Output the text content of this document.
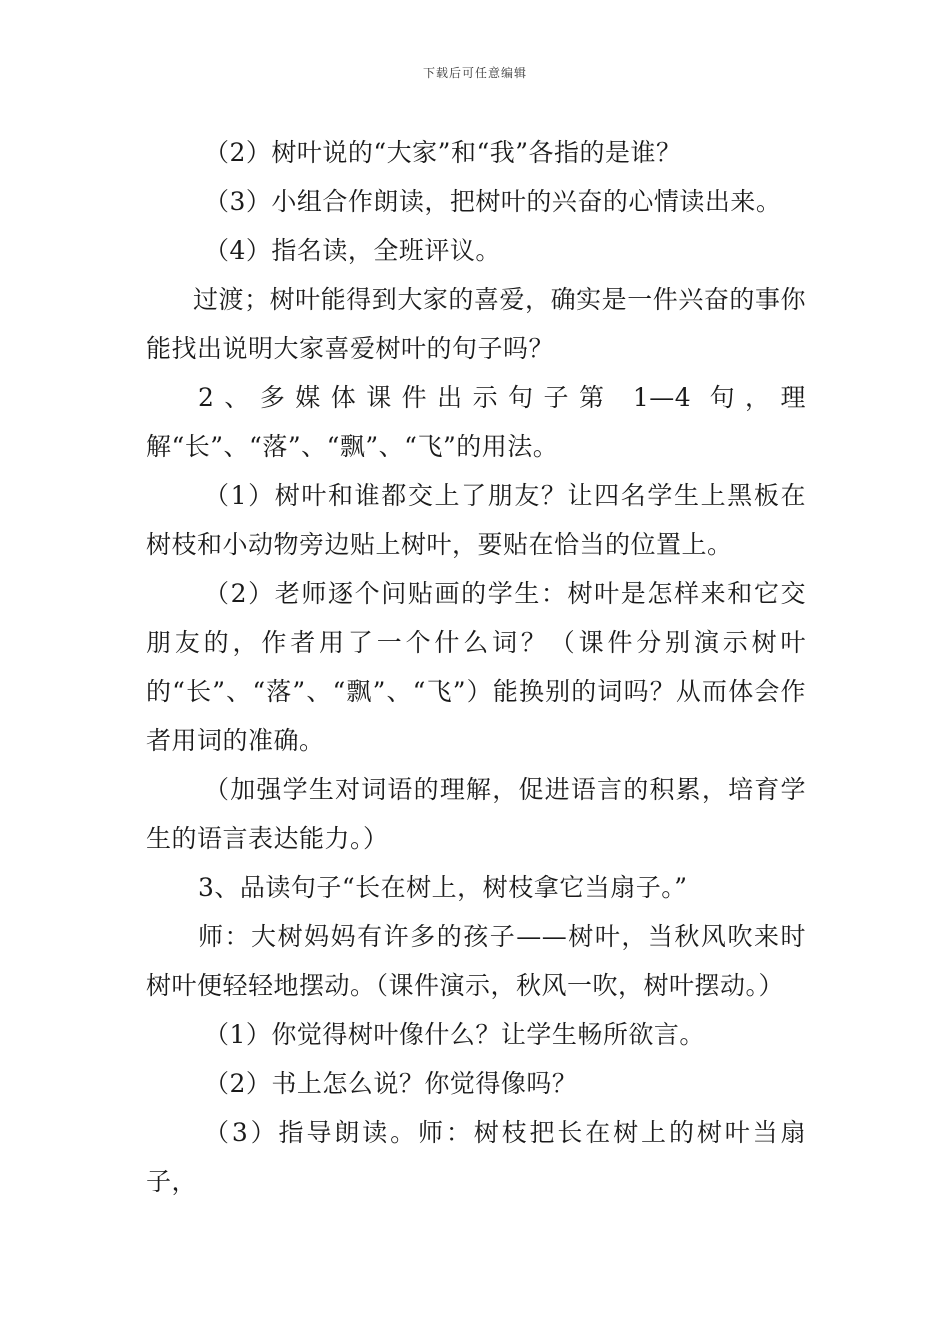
下载后可任意编辑

（2）树叶说的“大家”和“我”各指的是谁？

（3）小组合作朗读，把树叶的兴奋的心情读出来。

（4）指名读，全班评议。

过渡；树叶能得到大家的喜爱，确实是一件兴奋的事你能找出说明大家喜爱树叶的句子吗？

2、多媒体课件出示句子第 1—4 句，理解“长”、“落”、“飘”、“飞”的用法。

（1）树叶和谁都交上了朋友？让四名学生上黑板在树枝和小动物旁边贴上树叶，要贴在恰当的位置上。

（2）老师逐个问贴画的学生：树叶是怎样来和它交朋友的，作者用了一个什么词？（课件分别演示树叶的“长”、“落”、“飘”、“飞”）能换别的词吗？从而体会作者用词的准确。

（加强学生对词语的理解，促进语言的积累，培育学生的语言表达能力。）

3、品读句子“长在树上，树枝拿它当扇子。”

师：大树妈妈有许多的孩子——树叶，当秋风吹来时树叶便轻轻地摆动。（课件演示，秋风一吹，树叶摆动。）

（1）你觉得树叶像什么？让学生畅所欲言。

（2）书上怎么说？你觉得像吗？

（3）指导朗读。师：树枝把长在树上的树叶当扇子，
